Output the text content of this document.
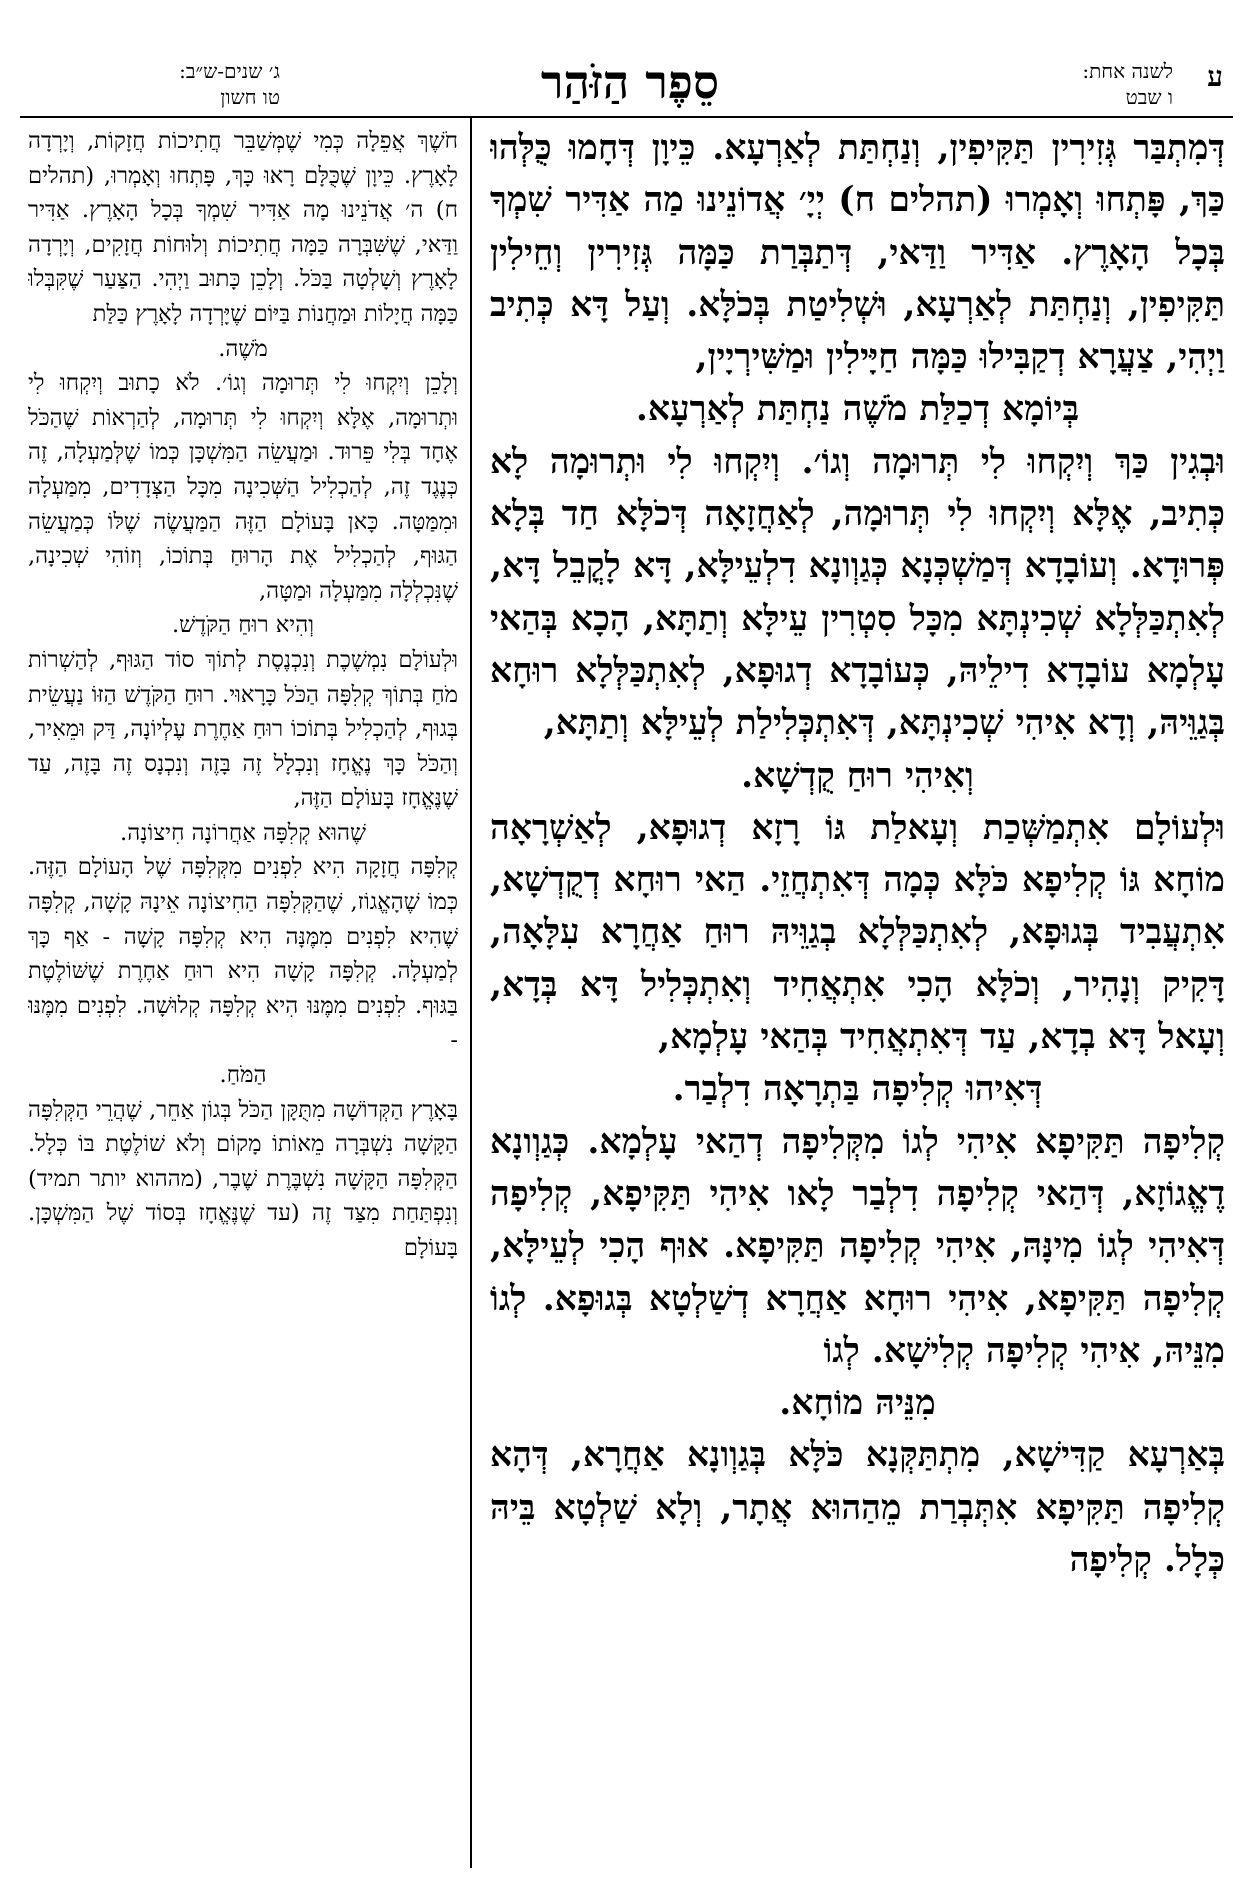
ע
לשנה אחת:
ו שבט
סֵפֶר הַזֹּהַר
ג׳ שנים-ש״ב:
טו חשון

דְּמִתְבַּר גְּזִירִין תַּקִּיפִין, וְנַחְתַּת לְאַרְעָא. כֵּיוָן דְּחָמוּ כֻּלְּהוּ כַּךְ, פָּתְחוּ וְאָמְרוּ (תהלים ח) יְיָ׳ אֲדוֹנֵינוּ מַה אַדִּיר שִׁמְךָ בְּכָל הָאָרֶץ. אַדִּיר וַדַּאי, דְּתַבְּרַת כַּמָּה גְּזִירִין וְחֵילִין תַּקִּיפִין, וְנַחְתַּת לְאַרְעָא, וּשְׁלִיטַת בְּכֹלָּא. וְעַל דָּא כְּתִיב וַיְהִי, צַעֲרָא דְקַבִּילוּ כַּמָּה חַיָּילִין וּמַשִּׁירְיָין,

בְּיוֹמָא דְכַלַּת מֹשֶׁה נַחְתַּת לְאַרְעָא.

וּבְגִין כַּךְ וְיִקְחוּ לִי תְּרוּמָה וְגוֹ׳. וְיִקְחוּ לִי וּתְרוּמָה לָא כְּתִיב, אֶלָּא וְיִקְחוּ לִי תְּרוּמָה, לְאַחֲזָאָה דְּכֹלָּא חַד בְּלָא פְּרוּדָא. וְעוֹבָדָא דְּמַשְׁכְּנָא כְּגַוְונָא דִלְעֵילָּא, דָּא לָקֳבֵל דָּא, לְאִתְכַּלְּלָא שְׁכִינְתָּא מִכָּל סִטְרִין עֵילָּא וְתַתָּא, הָכָא בְּהַאי עָלְמָא עוֹבָדָא דִילֵיהּ, כְּעוֹבָדָא דְגוּפָא, לְאִתְכַּלְּלָא רוּחָא בְּגַוֵּיהּ, וְדָא אִיהִי שְׁכִינְתָּא, דְּאִתְכְּלִילַת לְעֵילָּא וְתַתָּא,

וְאִיהִי רוּחַ קֻדְשָׁא.

וּלְעוֹלָם אִתְמַשְּׁכַת וְעָאלַת גּוֹ רָזָא דְגוּפָא, לְאַשְׁרָאָה מוֹחָא גּוֹ קְלִיפָא כֹּלָּא כְּמָה דְּאִתְחֲזֵי. הַאי רוּחָא דְקֻדְשָׁא, אִתְעֲבִיד בְּגוּפָא, לְאִתְכַּלְּלָא בְגַוֵּיהּ רוּחַ אַחֲרָא עִלָּאָה, דָּקִיק וְנָהִיר, וְכֹלָּא הָכִי אִתְאֲחִיד וְאִתְכְּלִיל דָּא בְּדָא, וְעָאל דָּא בְדָא, עַד דְּאִתְאֲחִיד בְּהַאי עָלְמָא,

דְּאִיהוּ קְלִיפָה בַּתְרָאָה דִלְבַר.

קְלִיפָה תַּקִּיפָא אִיהִי לְגוֹ מִקְּלִיפָה דְהַאי עָלְמָא. כְּגַוְונָא דֶאֱגוֹזָא, דְּהַאי קְלִיפָה דִלְבַר לָאו אִיהִי תַּקִּיפָא, קְלִיפָה דְּאִיהִי לְגוֹ מִינָּהּ, אִיהִי קְלִיפָה תַּקִּיפָא. אוּף הָכִי לְעֵילָּא, קְלִיפָה תַּקִּיפָא, אִיהִי רוּחָא אַחֲרָא דְשַׁלְטָא בְּגוּפָא. לְגוֹ מִנֵּיהּ, אִיהִי קְלִיפָה קְלִישָׁא. לְגוֹ

מִנֵּיהּ מוֹחָא.

בְּאַרְעָא קַדִּישָׁא, מִתְתַּקְּנָא כֹּלָּא בְּגַוְונָא אַחֲרָא, דְּהָא קְלִיפָה תַּקִּיפָא אִתְּבְרַת מֵהַהוּא אֲתָר, וְלָא שַׁלְטָא בֵּיהּ כְּלָל. קְלִיפָה

חֹשֶׁךְ אֲפֵלָה כְּמִי שֶׁמְּשַׁבֵּר חֲתִיכוֹת חֲזָקוֹת, וְיָרְדָה לָאָרֶץ. כֵּיוָן שֶׁכֻּלָּם רָאוּ כָּךְ, פָּתְחוּ וְאָמְרוּ, (תהלים ח) ה׳ אֲדֹנֵינוּ מָה אַדִּיר שִׁמְךָ בְּכָל הָאָרֶץ. אַדִּיר וַדַּאי, שֶׁשִּׁבְּרָה כַּמָּה חֲתִיכוֹת וְלוּחוֹת חֲזָקִים, וְיָרְדָה לָאָרֶץ וְשָׁלְטָה בַּכֹּל. וְלָכֵן כָּתוּב וַיְהִי. הַצַּעַר שֶׁקִּבְּלוּ כַּמָּה חֲיָלוֹת וּמַחֲנוֹת בַּיּוֹם שֶׁיָּרְדָה לָאָרֶץ כַּלַּת

מֹשֶׁה.

וְלָכֵן וְיִקְחוּ לִי תְּרוּמָה וְגוֹ׳. לֹא כָתוּב וְיִקְחוּ לִי וּתְרוּמָה, אֶלָּא וְיִקְחוּ לִי תְּרוּמָה, לְהַרְאוֹת שֶׁהַכֹּל אֶחָד בְּלִי פֵּרוּד. וּמַעֲשֵׂה הַמִּשְׁכָּן כְּמוֹ שֶׁלְּמַעְלָה, זֶה כְּנֶגֶד זֶה, לְהַכְלִיל הַשְּׁכִינָה מִכָּל הַצְּדָדִים, מִמַּעְלָה וּמִמַּטָּה. כָּאן בָּעוֹלָם הַזֶּה הַמַּעֲשֶׂה שֶׁלּוֹ כְּמַעֲשֵׂה הַגּוּף, לְהַכְלִיל אֶת הָרוּחַ בְּתוֹכוֹ, וְזוֹהִי שְׁכִינָה, שֶׁנִּכְלְלָה מִמַּעְלָה וּמַטָּה,

וְהִיא רוּחַ הַקֹּדֶשׁ.

וּלְעוֹלָם נִמְשֶׁכֶת וְנִכְנֶסֶת לְתוֹךְ סוֹד הַגּוּף, לְהַשְׁרוֹת מֹחַ בְּתוֹךְ קְלִפָּה הַכֹּל כָּרָאוּי. רוּחַ הַקֹּדֶשׁ הַזּוֹ נַעֲשֵׂית בְּגוּף, לְהַכְלִיל בְּתוֹכוֹ רוּחַ אַחֶרֶת עֶלְיוֹנָה, דַּק וּמֵאִיר, וְהַכֹּל כָּךְ נֶאֱחָז וְנִכְלָל זֶה בָּזֶה וְנִכְנָס זֶה בָּזֶה, עַד שֶׁנֶּאֱחָז בָּעוֹלָם הַזֶּה,

שֶׁהוּא קְלִפָּה אַחֲרוֹנָה חִיצוֹנָה.

קְלִפָּה חֲזָקָה הִיא לִפְנִים מִקְּלִפָּה שֶׁל הָעוֹלָם הַזֶּה. כְּמוֹ שֶׁהָאֱגוֹז, שֶׁהַקְּלִפָּה הַחִיצוֹנָה אֵינָהּ קָשָׁה, קְלִפָּה שֶׁהִיא לִפְנִים מִמֶּנָּה הִיא קְלִפָּה קָשָׁה - אַף כָּךְ לְמַעְלָה. קְלִפָּה קָשָׁה הִיא רוּחַ אַחֶרֶת שֶׁשּׁוֹלֶטֶת בַּגּוּף. לִפְנִים מִמֶּנּוּ הִיא קְלִפָּה קְלוּשָׁה. לִפְנִים מִמֶּנּוּ -

הַמֹּחַ.

בָּאָרֶץ הַקְּדוֹשָׁה מִתֻּקָּן הַכֹּל בְּגוֹן אַחֵר, שֶׁהֲרֵי הַקְּלִפָּה הַקָּשָׁה נִשְׁבְּרָה מֵאוֹתוֹ מָקוֹם וְלֹא שׁוֹלֶטֶת בּוֹ כְּלָל. הַקְּלִפָּה הַקָּשָׁה נִשְׁבֶּרֶת שֶׁבֶר, (מההוא יותר תמיד) וְנִפְתַּחַת מִצַּד זֶה (עד שֶׁנֶּאֱחָז בְּסוֹד שֶׁל הַמִּשְׁכָּן. בָּעוֹלָם
